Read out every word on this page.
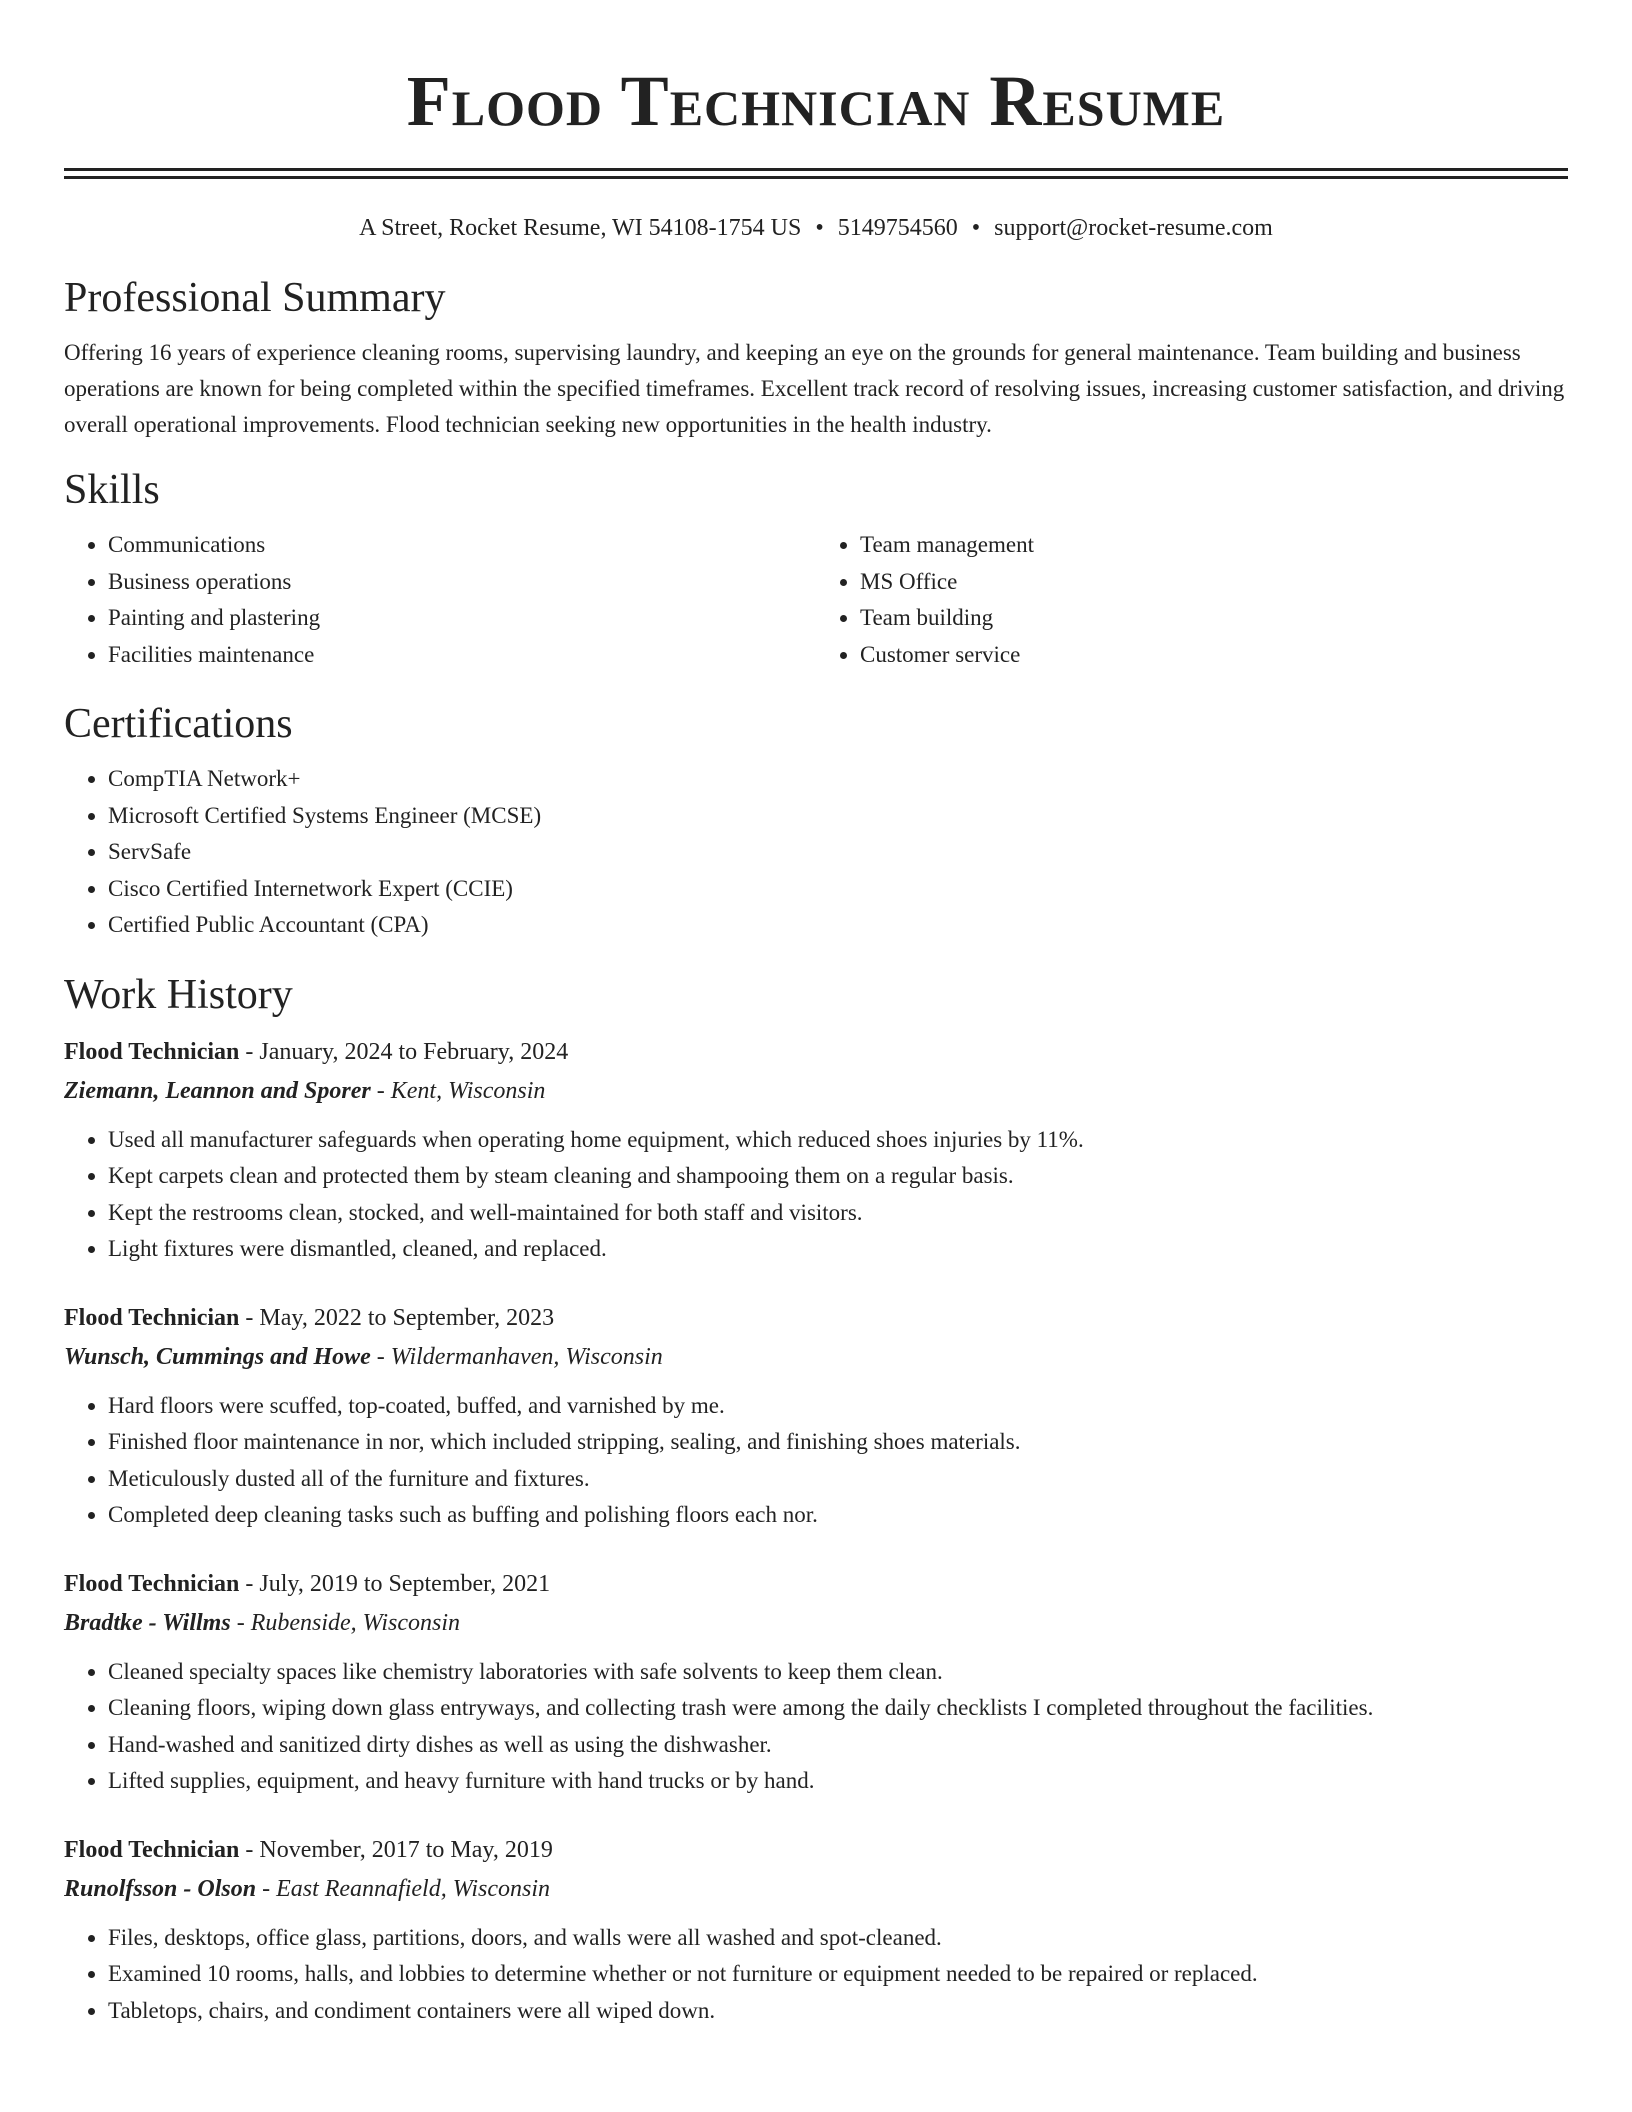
Flood Technician Resume
A Street, Rocket Resume, WI 54108-1754 US • 5149754560 • support@rocket-resume.com
Professional Summary

Offering 16 years of experience cleaning rooms, supervising laundry, and keeping an eye on the grounds for general maintenance. Team building and business operations are known for being completed within the specified timeframes. Excellent track record of resolving issues, increasing customer satisfaction, and driving overall operational improvements. Flood technician seeking new opportunities in the health industry.

Skills
• Communications
• Business operations
• Painting and plastering
• Facilities maintenance
• Team management
• MS Office
• Team building
• Customer service
Certifications
• CompTIA Network+
• Microsoft Certified Systems Engineer (MCSE)
• ServSafe
• Cisco Certified Internetwork Expert (CCIE)
• Certified Public Accountant (CPA)
Work History
Flood Technician - January, 2024 to February, 2024
Ziemann, Leannon and Sporer - Kent, Wisconsin
• Used all manufacturer safeguards when operating home equipment, which reduced shoes injuries by 11%.
• Kept carpets clean and protected them by steam cleaning and shampooing them on a regular basis.
• Kept the restrooms clean, stocked, and well-maintained for both staff and visitors.
• Light fixtures were dismantled, cleaned, and replaced.
Flood Technician - May, 2022 to September, 2023
Wunsch, Cummings and Howe - Wildermanhaven, Wisconsin
• Hard floors were scuffed, top-coated, buffed, and varnished by me.
• Finished floor maintenance in nor, which included stripping, sealing, and finishing shoes materials.
• Meticulously dusted all of the furniture and fixtures.
• Completed deep cleaning tasks such as buffing and polishing floors each nor.
Flood Technician - July, 2019 to September, 2021
Bradtke - Willms - Rubenside, Wisconsin
• Cleaned specialty spaces like chemistry laboratories with safe solvents to keep them clean.
• Cleaning floors, wiping down glass entryways, and collecting trash were among the daily checklists I completed throughout the facilities.
• Hand-washed and sanitized dirty dishes as well as using the dishwasher.
• Lifted supplies, equipment, and heavy furniture with hand trucks or by hand.
Flood Technician - November, 2017 to May, 2019
Runolfsson - Olson - East Reannafield, Wisconsin
• Files, desktops, office glass, partitions, doors, and walls were all washed and spot-cleaned.
• Examined 10 rooms, halls, and lobbies to determine whether or not furniture or equipment needed to be repaired or replaced.
• Tabletops, chairs, and condiment containers were all wiped down.
